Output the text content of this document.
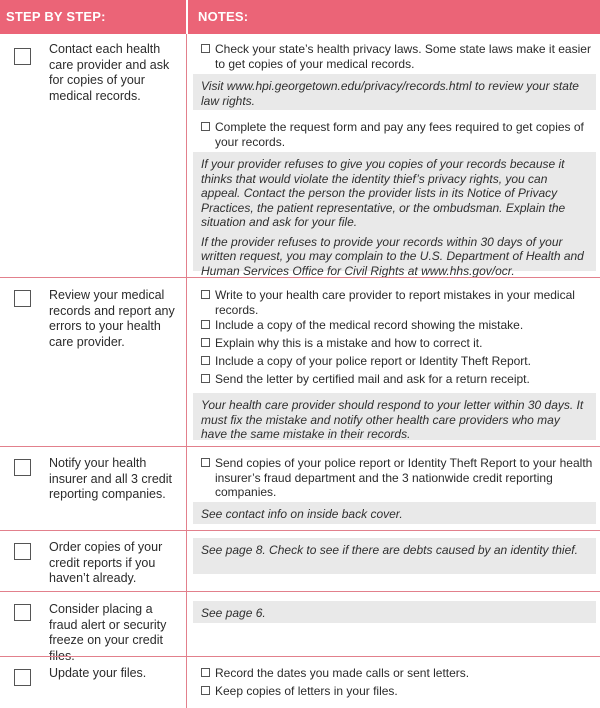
STEP BY STEP:	NOTES:
Contact each health care provider and ask for copies of your medical records.
Check your state’s health privacy laws. Some state laws make it easier to get copies of your medical records.

Visit www.hpi.georgetown.edu/privacy/records.html to review your state law rights.

Complete the request form and pay any fees required to get copies of your records.

If your provider refuses to give you copies of your records because it thinks that would violate the identity thief’s privacy rights, you can appeal. Contact the person the provider lists in its Notice of Privacy Practices, the patient representative, or the ombudsman. Explain the situation and ask for your file.

If the provider refuses to provide your records within 30 days of your written request, you may complain to the U.S. Department of Health and Human Services Office for Civil Rights at www.hhs.gov/ocr.

Review your medical records and report any errors to your health care provider.
Write to your health care provider to report mistakes in your medical records.
Include a copy of the medical record showing the mistake.
Explain why this is a mistake and how to correct it.
Include a copy of your police report or Identity Theft Report.
Send the letter by certified mail and ask for a return receipt.

Your health care provider should respond to your letter within 30 days. It must fix the mistake and notify other health care providers who may have the same mistake in their records.

Notify your health insurer and all 3 credit reporting companies.
Send copies of your police report or Identity Theft Report to your health insurer’s fraud department and the 3 nationwide credit reporting companies.

See contact info on inside back cover.

Order copies of your credit reports if you haven’t already.

See page 8. Check to see if there are debts caused by an identity thief.

Consider placing a fraud alert or security freeze on your credit files.

See page 6.

Update your files.	Record the dates you made calls or sent letters.
Keep copies of letters in your files.
